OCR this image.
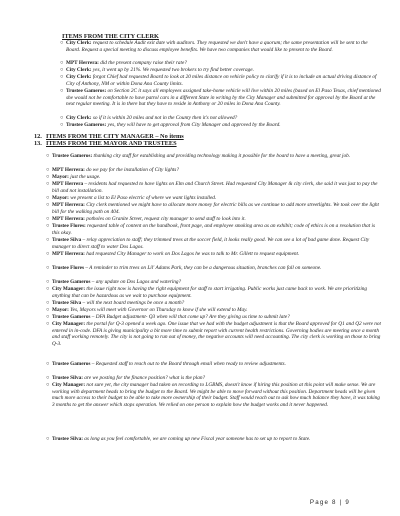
ITEMS FROM THE CITY CLERK
○ City Clerk: request to schedule Audit exit date with auditors. They requested we don't have a quorum; the same presentation will be sent to the Board. Request a special meeting to discuss employee benefits. We have two companies that would like to present to the Board.
○ MPT Herrera: did the present company raise their rate?
○ City Clerk: yes, it went up by 21%. We requested two brokers to try find better coverage.
○ City Clerk: forgot Chief had requested Board to look at 20 miles distance on vehicle policy to clarify if it is to include an actual driving distance of City of Anthony, NM or within Dona Ana County limits.
○ Trustee Gameros: on Section 2C it says all employees assigned take-home vehicle will live within 20 miles (based on El Paso Texas, chief mentioned she would not be comfortable to have patrol cars in a different State in writing by the City Manager and submitted for approval by the Board at the next regular meeting. It is in there but they have to reside in Anthony or 20 miles in Dona Ana County.
○ City Clerk: so if it is within 20 miles and not in the County then it's not allowed?
○ Trustee Gameros: yes, they will have to get approval from City Manager and approved by the Board.
12. ITEMS FROM THE CITY MANAGER – No items
13. ITEMS FROM THE MAYOR AND TRUSTEES
○ Trustee Gameros: thanking city staff for establishing and providing technology making it possible for the board to have a meeting, great job.
○ MPT Herrera: do we pay for the installation of City lights?
○ Mayor: just the usage.
○ MPT Herrera – residents had requested to have lights on Elm and Church Street. Had requested City Manager & city clerk, she said it was just to pay the bill and not installation.
○ Mayor: we present a list to El Paso electric of where we want lights installed.
○ MPT Herrera: City clerk mentioned we might have to allocate more money for electric bills as we continue to add more streetlights. We took over the light bill for the walking path on 404.
○ MPT Herrera: potholes on Granite Street, request city manager to send staff to look into it.
○ Trustee Flores: requested table of content on the handbook, front page, and employee smoking area as an exhibit; code of ethics is on a resolution that is this okay.
○ Trustee Silva – relay appreciation to staff; they trimmed trees at the soccer field, it looks really good. We can see a lot of bad game done. Request City manager to direct staff to water Dos Lagos.
○ MPT Herrera: had requested City Manager to work on Dos Lagos he was to talk to Mr. Gillett to request equipment.
○ Trustee Flores – A reminder to trim trees on Lil' Adams Park, they can be a dangerous situation, branches can fall on someone.
○ Trustee Gameros – any update on Dos Lagos and watering?
○ City Manager: the issue right now is having the right equipment for staff to start irrigating. Public works just came back to work. We are prioritizing anything that can be hazardous as we wait to purchase equipment.
○ Trustee Silva – will the next board meetings be once a month?
○ Mayor: Yes, Mayors will meet with Governor on Thursday to know if she will extend to May.
○ Trustee Gameros – DFA Budget adjustment- Q3 when will that come up? Are they giving us time to submit late?
○ City Manager: the portal for Q-3 opened a week ago. One issue that we had with the budget adjustment is that the Board approved for Q1 and Q2 were not entered in in-code. DFA is giving municipality a bit more time to submit report with current health restrictions. Governing bodies are meeting once a month and staff working remotely. The city is not going to run out of money, the negative accounts will need accounting. The city clerk is working on those to bring Q-3.
○ Trustee Gameros – Requested staff to reach out to the Board through email when ready to review adjustments.
○ Trustee Silva: are we posting for the finance position? what is the plan?
○ City Manager: not sure yet, the city manager had taken on recording to LGBMS, doesn't know if hiring this position at this point will make sense. We are working with department heads to bring the budget to the Board. We might be able to move forward without this position. Department heads will be given much more access to their budget to be able to take more ownership of their budget. Staff would reach out to ask how much balance they have, it was taking 3 months to get the answer which stops operation. We relied on one person to explain how the budget works and it never happened.
○ Trustee Silva: as long as you feel comfortable, we are coming up new Fiscal year someone has to set up to report to State.
Page 8 | 9
